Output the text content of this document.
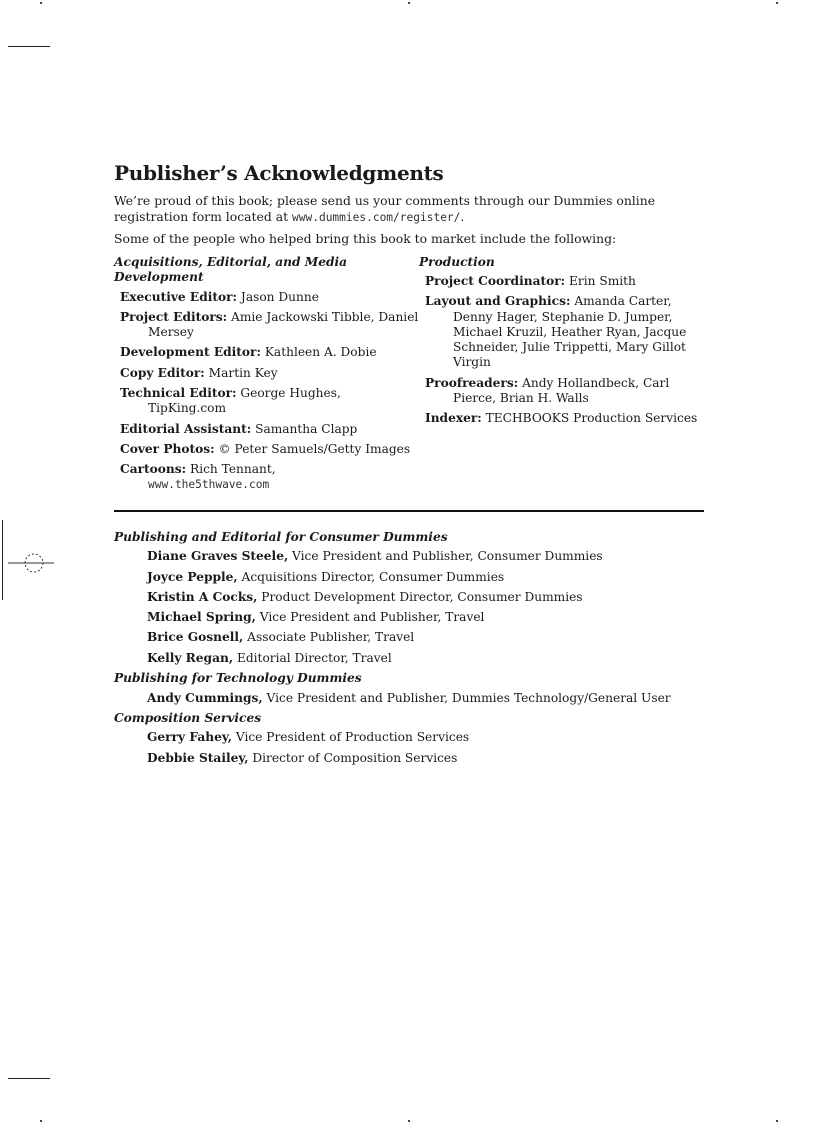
Publisher’s Acknowledgments

We’re proud of this book; please send us your comments through our Dummies online registration form located at www.dummies.com/register/.

Some of the people who helped bring this book to market include the following:

Acquisitions, Editorial, and Media Development
Executive Editor: Jason Dunne
Project Editors: Amie Jackowski Tibble, Daniel Mersey
Development Editor: Kathleen A. Dobie
Copy Editor: Martin Key
Technical Editor: George Hughes, TipKing.com
Editorial Assistant: Samantha Clapp
Cover Photos: © Peter Samuels/Getty Images
Cartoons: Rich Tennant,
www.the5thwave.com
Production
Project Coordinator: Erin Smith
Layout and Graphics: Amanda Carter, Denny Hager, Stephanie D. Jumper, Michael Kruzil, Heather Ryan, Jacque Schneider, Julie Trippetti, Mary Gillot Virgin
Proofreaders: Andy Hollandbeck, Carl Pierce, Brian H. Walls
Indexer: TECHBOOKS Production Services
Publishing and Editorial for Consumer Dummies
Diane Graves Steele, Vice President and Publisher, Consumer Dummies
Joyce Pepple, Acquisitions Director, Consumer Dummies
Kristin A Cocks, Product Development Director, Consumer Dummies
Michael Spring, Vice President and Publisher, Travel
Brice Gosnell, Associate Publisher, Travel
Kelly Regan, Editorial Director, Travel
Publishing for Technology Dummies
Andy Cummings, Vice President and Publisher, Dummies Technology/General User
Composition Services
Gerry Fahey, Vice President of Production Services
Debbie Stailey, Director of Composition Services
